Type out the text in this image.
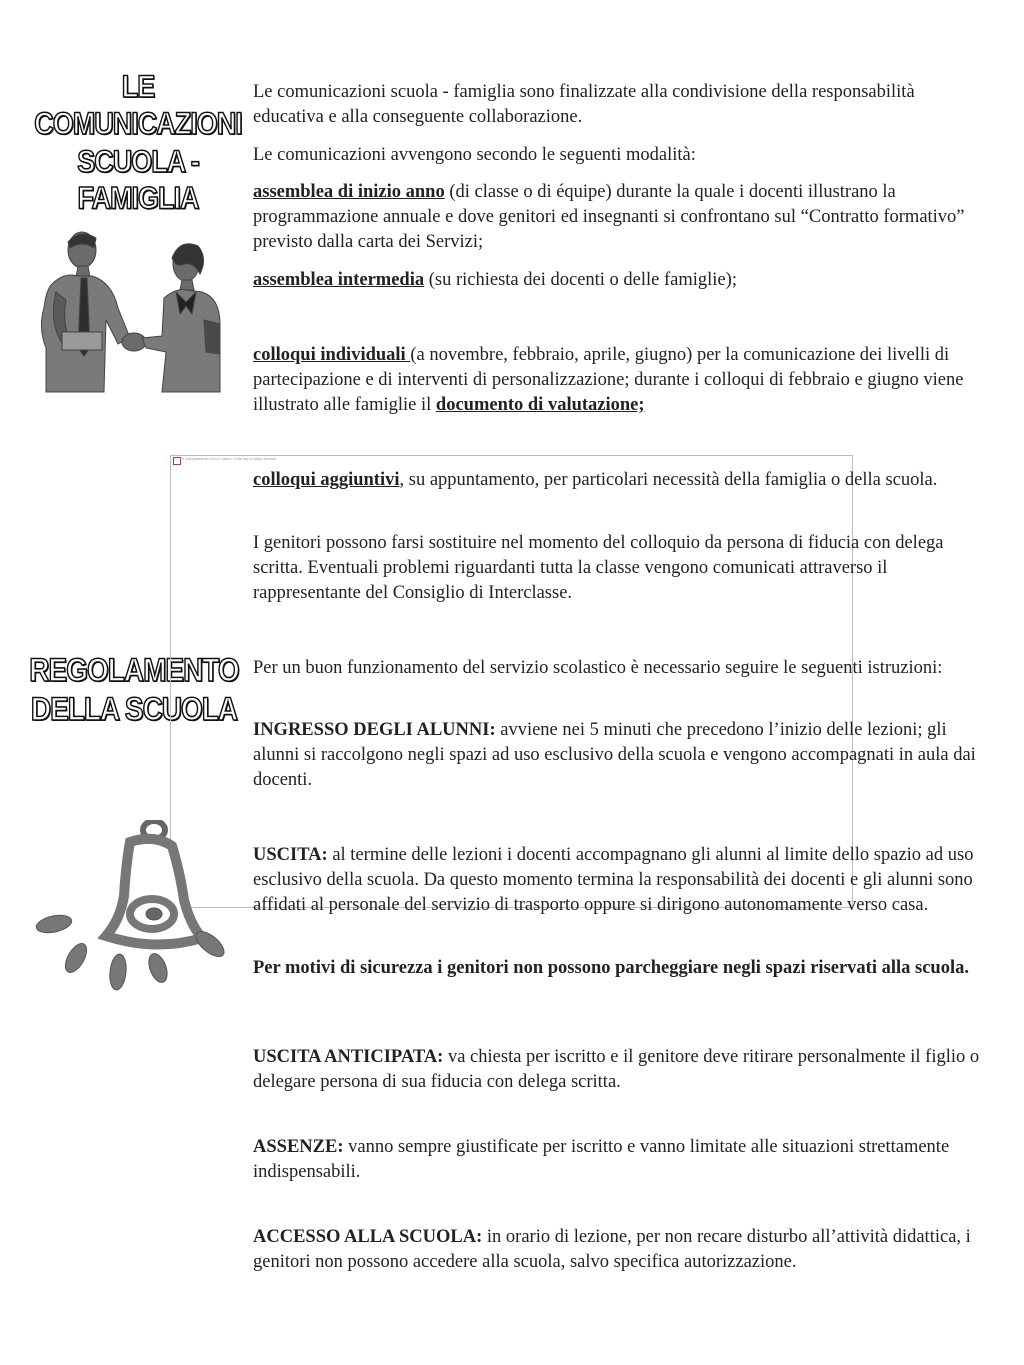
LE COMUNICAZIONI
SCUOLA - FAMIGLIA
REGOLAMENTO
DELLA SCUOLA
Il collegamento non è valido: il file non è stato trovato.

Le comunicazioni scuola - famiglia sono finalizzate alla condivisione della responsabilità educativa e alla conseguente collaborazione.

Le comunicazioni avvengono secondo le seguenti modalità:

assemblea di inizio anno (di classe o di équipe) durante la quale i docenti illustrano la programmazione annuale e dove genitori ed insegnanti si confrontano sul “Contratto formativo” previsto dalla carta dei Servizi;

assemblea intermedia (su richiesta dei docenti o delle famiglie);

colloqui individuali (a novembre, febbraio, aprile, giugno) per la comunicazione dei livelli di partecipazione e di interventi di personalizzazione; durante i colloqui di febbraio e giugno viene illustrato alle famiglie il documento di valutazione;

colloqui aggiuntivi, su appuntamento, per particolari necessità della famiglia o della scuola.

I genitori possono farsi sostituire nel momento del colloquio da persona di fiducia con delega scritta. Eventuali problemi riguardanti tutta la classe vengono comunicati attraverso il rappresentante del Consiglio di Interclasse.

Per un buon funzionamento del servizio scolastico è necessario seguire le seguenti istruzioni:

INGRESSO DEGLI ALUNNI: avviene nei 5 minuti che precedono l’inizio delle lezioni; gli alunni si raccolgono negli spazi ad uso esclusivo della scuola e vengono accompagnati in aula dai docenti.

USCITA: al termine delle lezioni i docenti accompagnano gli alunni al limite dello spazio ad uso esclusivo della scuola. Da questo momento termina la responsabilità dei docenti e gli alunni sono affidati al personale del servizio di trasporto oppure si dirigono autonomamente verso casa.

Per motivi di sicurezza i genitori non possono parcheggiare negli spazi riservati alla scuola.

USCITA ANTICIPATA: va chiesta per iscritto e il genitore deve ritirare personalmente il figlio o delegare persona di sua fiducia con delega scritta.

ASSENZE: vanno sempre giustificate per iscritto e vanno limitate alle situazioni strettamente indispensabili.

ACCESSO ALLA SCUOLA: in orario di lezione, per non recare disturbo all’attività didattica, i genitori non possono accedere alla scuola, salvo specifica autorizzazione.
